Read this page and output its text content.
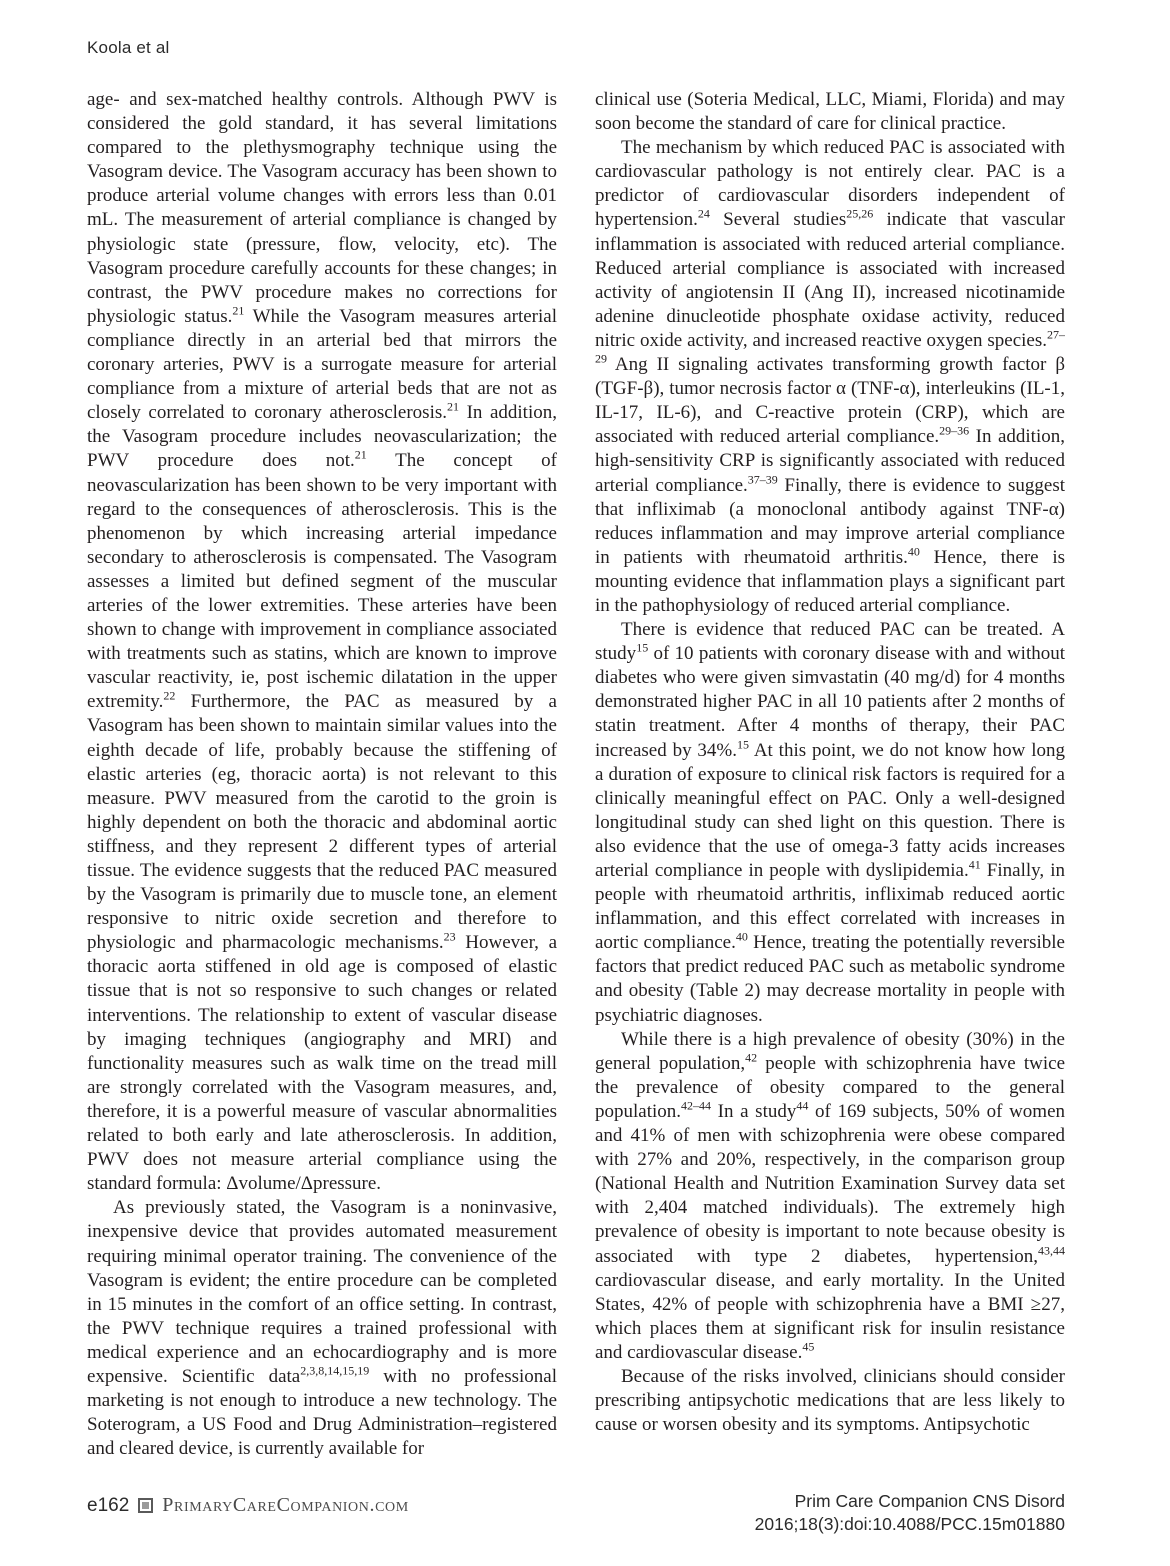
Koola et al

age- and sex-matched healthy controls. Although PWV is considered the gold standard, it has several limitations compared to the plethysmography technique using the Vasogram device. The Vasogram accuracy has been shown to produce arterial volume changes with errors less than 0.01 mL. The measurement of arterial compliance is changed by physiologic state (pressure, flow, velocity, etc). The Vasogram procedure carefully accounts for these changes; in contrast, the PWV procedure makes no corrections for physiologic status.$^{21}$ While the Vasogram measures arterial compliance directly in an arterial bed that mirrors the coronary arteries, PWV is a surrogate measure for arterial compliance from a mixture of arterial beds that are not as closely correlated to coronary atherosclerosis.$^{21}$ In addition, the Vasogram procedure includes neovascularization; the PWV procedure does not.$^{21}$ The concept of neovascularization has been shown to be very important with regard to the consequences of atherosclerosis. This is the phenomenon by which increasing arterial impedance secondary to atherosclerosis is compensated. The Vasogram assesses a limited but defined segment of the muscular arteries of the lower extremities. These arteries have been shown to change with improvement in compliance associated with treatments such as statins, which are known to improve vascular reactivity, ie, post ischemic dilatation in the upper extremity.$^{22}$ Furthermore, the PAC as measured by a Vasogram has been shown to maintain similar values into the eighth decade of life, probably because the stiffening of elastic arteries (eg, thoracic aorta) is not relevant to this measure. PWV measured from the carotid to the groin is highly dependent on both the thoracic and abdominal aortic stiffness, and they represent 2 different types of arterial tissue. The evidence suggests that the reduced PAC measured by the Vasogram is primarily due to muscle tone, an element responsive to nitric oxide secretion and therefore to physiologic and pharmacologic mechanisms.$^{23}$ However, a thoracic aorta stiffened in old age is composed of elastic tissue that is not so responsive to such changes or related interventions. The relationship to extent of vascular disease by imaging techniques (angiography and MRI) and functionality measures such as walk time on the tread mill are strongly correlated with the Vasogram measures, and, therefore, it is a powerful measure of vascular abnormalities related to both early and late atherosclerosis. In addition, PWV does not measure arterial compliance using the standard formula: Δvolume/Δpressure.

As previously stated, the Vasogram is a noninvasive, inexpensive device that provides automated measurement requiring minimal operator training. The convenience of the Vasogram is evident; the entire procedure can be completed in 15 minutes in the comfort of an office setting. In contrast, the PWV technique requires a trained professional with medical experience and an echocardiography and is more expensive. Scientific data$^{2,3,8,14,15,19}$ with no professional marketing is not enough to introduce a new technology. The Soterogram, a US Food and Drug Administration–registered and cleared device, is currently available for

clinical use (Soteria Medical, LLC, Miami, Florida) and may soon become the standard of care for clinical practice.

The mechanism by which reduced PAC is associated with cardiovascular pathology is not entirely clear. PAC is a predictor of cardiovascular disorders independent of hypertension.$^{24}$ Several studies$^{25,26}$ indicate that vascular inflammation is associated with reduced arterial compliance. Reduced arterial compliance is associated with increased activity of angiotensin II (Ang II), increased nicotinamide adenine dinucleotide phosphate oxidase activity, reduced nitric oxide activity, and increased reactive oxygen species.$^{27-29}$ Ang II signaling activates transforming growth factor β (TGF-β), tumor necrosis factor α (TNF-α), interleukins (IL-1, IL-17, IL-6), and C-reactive protein (CRP), which are associated with reduced arterial compliance.$^{29-36}$ In addition, high-sensitivity CRP is significantly associated with reduced arterial compliance.$^{37-39}$ Finally, there is evidence to suggest that infliximab (a monoclonal antibody against TNF-α) reduces inflammation and may improve arterial compliance in patients with rheumatoid arthritis.$^{40}$ Hence, there is mounting evidence that inflammation plays a significant part in the pathophysiology of reduced arterial compliance.

There is evidence that reduced PAC can be treated. A study$^{15}$ of 10 patients with coronary disease with and without diabetes who were given simvastatin (40 mg/d) for 4 months demonstrated higher PAC in all 10 patients after 2 months of statin treatment. After 4 months of therapy, their PAC increased by 34%.$^{15}$ At this point, we do not know how long a duration of exposure to clinical risk factors is required for a clinically meaningful effect on PAC. Only a well-designed longitudinal study can shed light on this question. There is also evidence that the use of omega-3 fatty acids increases arterial compliance in people with dyslipidemia.$^{41}$ Finally, in people with rheumatoid arthritis, infliximab reduced aortic inflammation, and this effect correlated with increases in aortic compliance.$^{40}$ Hence, treating the potentially reversible factors that predict reduced PAC such as metabolic syndrome and obesity (Table 2) may decrease mortality in people with psychiatric diagnoses.

While there is a high prevalence of obesity (30%) in the general population,$^{42}$ people with schizophrenia have twice the prevalence of obesity compared to the general population.$^{42-44}$ In a study$^{44}$ of 169 subjects, 50% of women and 41% of men with schizophrenia were obese compared with 27% and 20%, respectively, in the comparison group (National Health and Nutrition Examination Survey data set with 2,404 matched individuals). The extremely high prevalence of obesity is important to note because obesity is associated with type 2 diabetes, hypertension,$^{43,44}$ cardiovascular disease, and early mortality. In the United States, 42% of people with schizophrenia have a BMI ≥27, which places them at significant risk for insulin resistance and cardiovascular disease.$^{45}$

Because of the risks involved, clinicians should consider prescribing antipsychotic medications that are less likely to cause or worsen obesity and its symptoms. Antipsychotic

e162 PrimaryCareCompanion.com	Prim Care Companion CNS Disord
2016;18(3):doi:10.4088/PCC.15m01880
